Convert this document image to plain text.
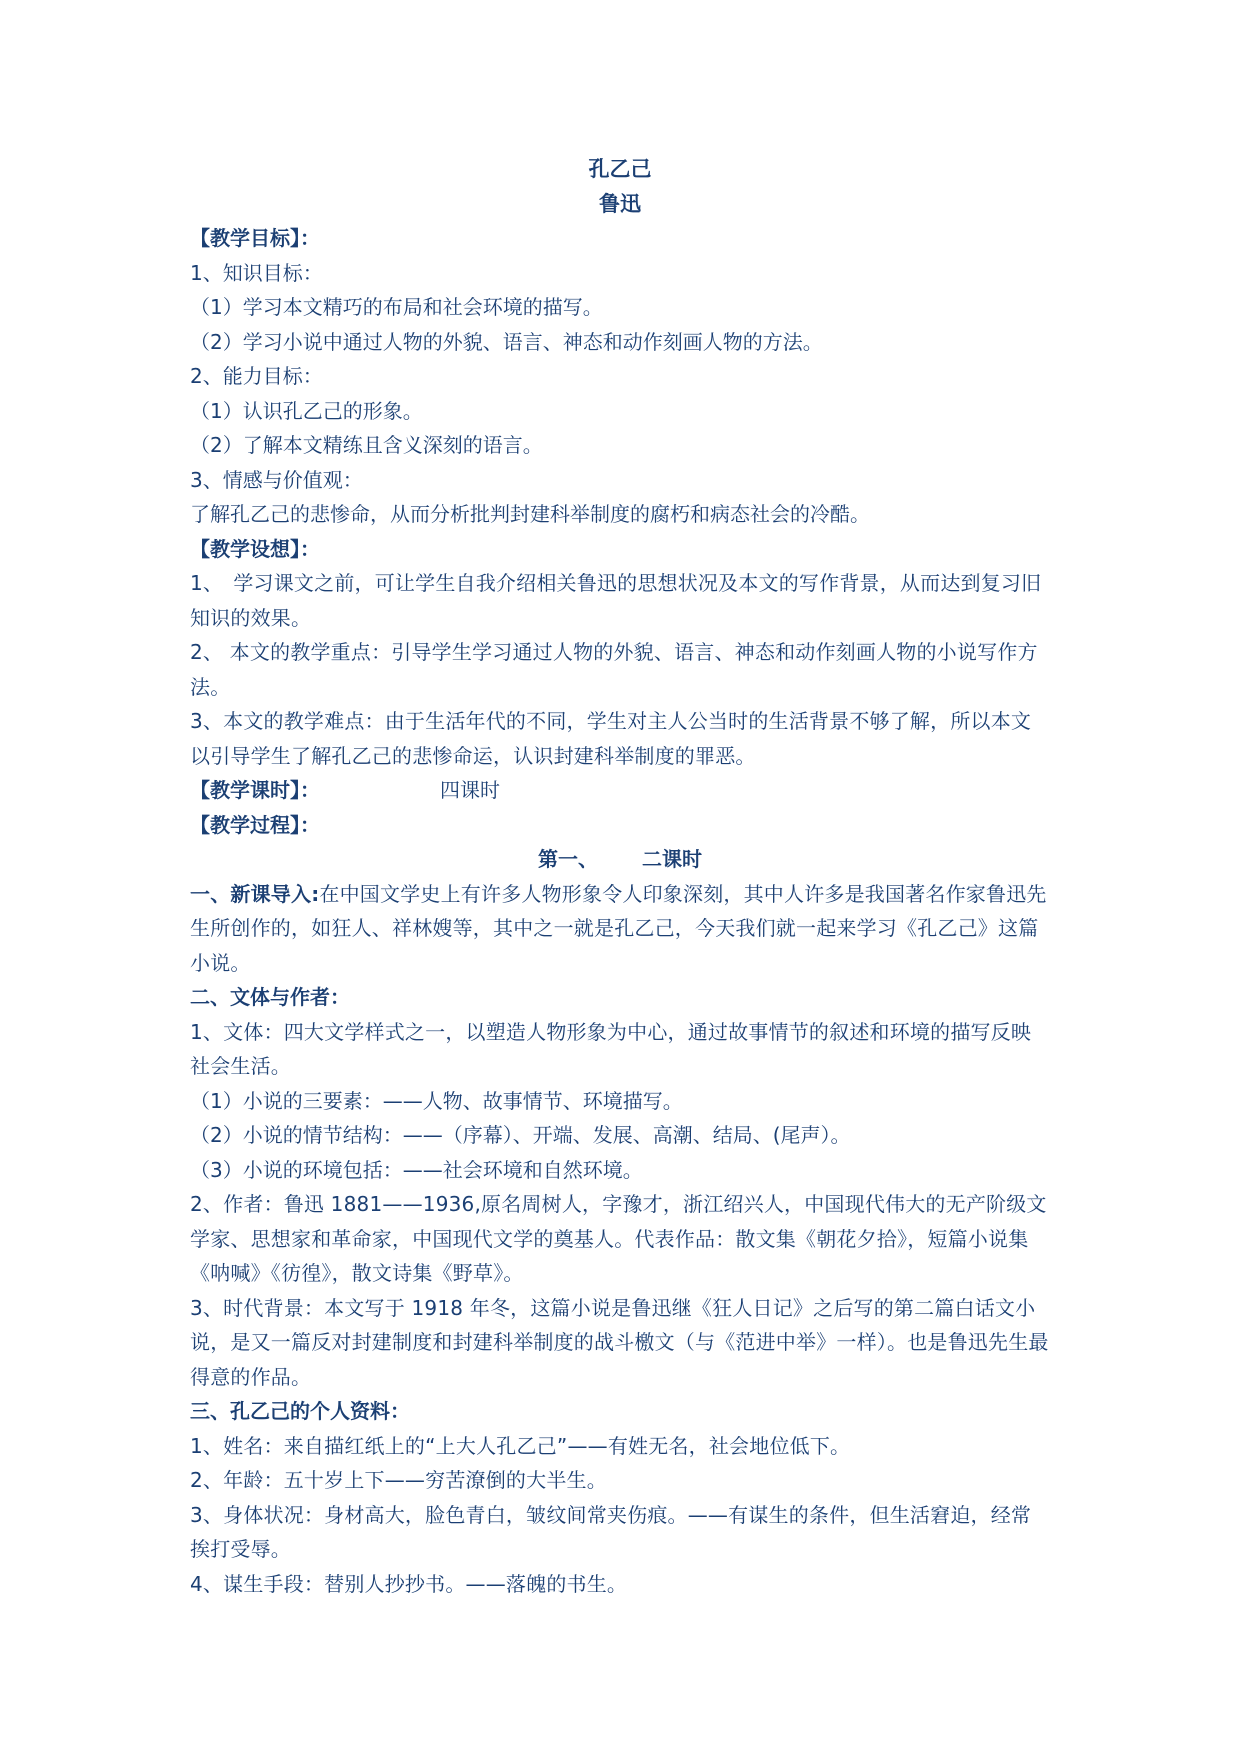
孔乙己
鲁迅
【教学目标】：
1、知识目标：
（1）学习本文精巧的布局和社会环境的描写。
（2）学习小说中通过人物的外貌、语言、神态和动作刻画人物的方法。
2、能力目标：
（1）认识孔乙己的形象。
（2）了解本文精练且含义深刻的语言。
3、情感与价值观：
了解孔乙己的悲惨命，从而分析批判封建科举制度的腐朽和病态社会的冷酷。
【教学设想】：
1、　学习课文之前，可让学生自我介绍相关鲁迅的思想状况及本文的写作背景，从而达到复习旧知识的效果。
2、 本文的教学重点：引导学生学习通过人物的外貌、语言、神态和动作刻画人物的小说写作方法。
3、本文的教学难点：由于生活年代的不同，学生对主人公当时的生活背景不够了解，所以本文以引导学生了解孔乙己的悲惨命运，认识封建科举制度的罪恶。
【教学课时】：	四课时
【教学过程】：
第一、 二课时
一、新课导入:在中国文学史上有许多人物形象令人印象深刻，其中人许多是我国著名作家鲁迅先生所创作的，如狂人、祥林嫂等，其中之一就是孔乙己，今天我们就一起来学习《孔乙己》这篇小说。
二、文体与作者：
1、文体：四大文学样式之一，以塑造人物形象为中心，通过故事情节的叙述和环境的描写反映社会生活。
（1）小说的三要素：——人物、故事情节、环境描写。
（2）小说的情节结构：——（序幕）、开端、发展、高潮、结局、(尾声）。
（3）小说的环境包括：——社会环境和自然环境。
2、作者：鲁迅 1881——1936,原名周树人，字豫才，浙江绍兴人，中国现代伟大的无产阶级文学家、思想家和革命家，中国现代文学的奠基人。代表作品：散文集《朝花夕拾》，短篇小说集《呐喊》《彷徨》，散文诗集《野草》。
3、时代背景：本文写于 1918 年冬，这篇小说是鲁迅继《狂人日记》之后写的第二篇白话文小说，是又一篇反对封建制度和封建科举制度的战斗檄文（与《范进中举》一样）。也是鲁迅先生最得意的作品。
三、孔乙己的个人资料：
1、姓名：来自描红纸上的“上大人孔乙己”——有姓无名，社会地位低下。
2、年龄：五十岁上下——穷苦潦倒的大半生。
3、身体状况：身材高大，脸色青白，皱纹间常夹伤痕。——有谋生的条件，但生活窘迫，经常挨打受辱。
4、谋生手段：替别人抄抄书。——落魄的书生。
